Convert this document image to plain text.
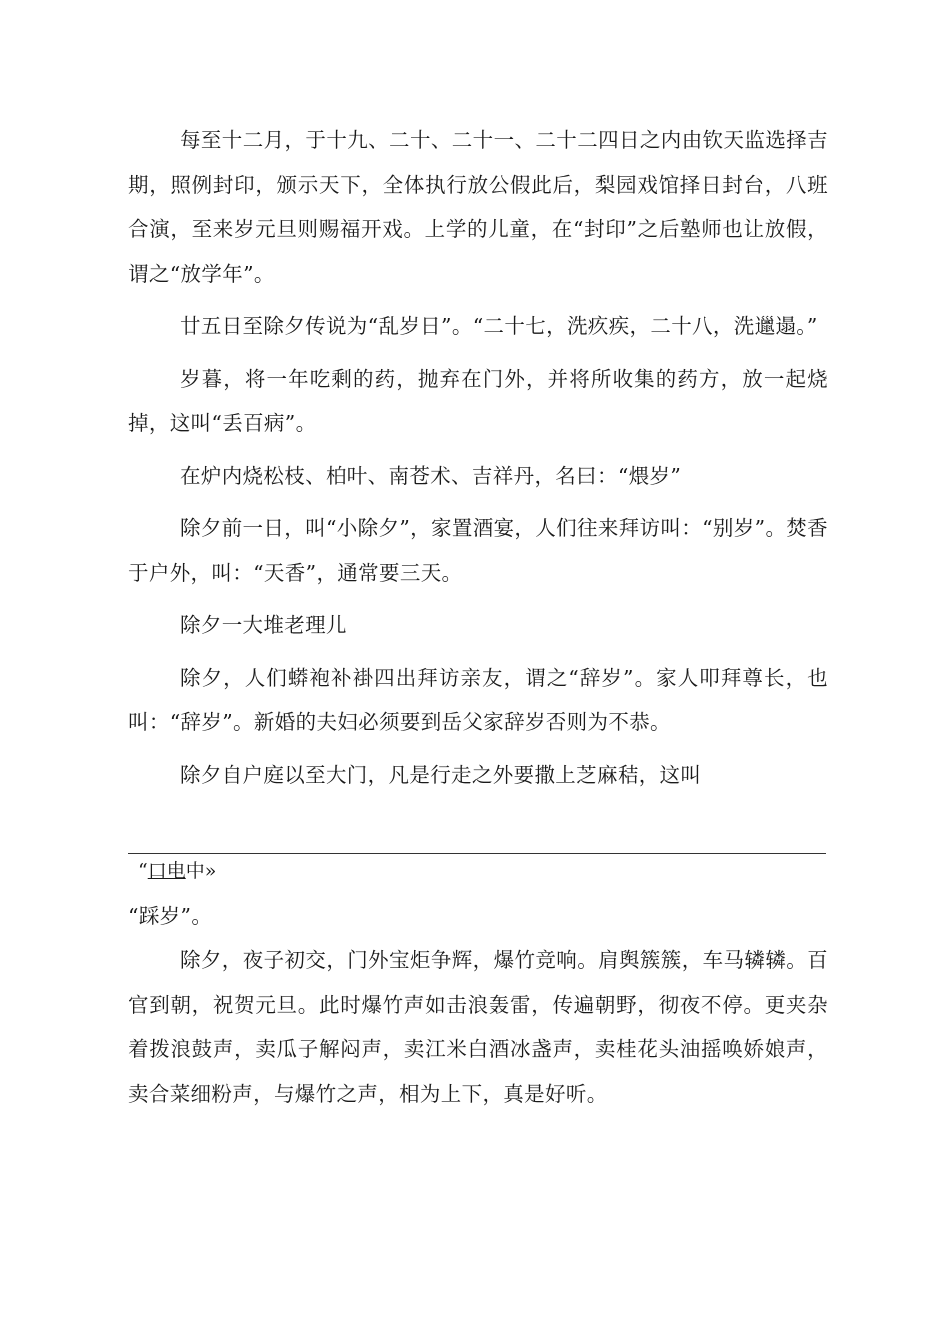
每至十二月，于十九、二十、二十一、二十二四日之内由钦天监选择吉期，照例封印，颁示天下，全体执行放公假此后，梨园戏馆择日封台，八班合演，至来岁元旦则赐福开戏。上学的儿童，在“封印”之后塾师也让放假，谓之“放学年”。

廿五日至除夕传说为“乱岁日”。“二十七，洗疚疾，二十八，洗邋遢。”

岁暮，将一年吃剩的药，抛弃在门外，并将所收集的药方，放一起烧掉，这叫“丢百病”。

在炉内烧松枝、柏叶、南苍术、吉祥丹，名曰：“煨岁”

除夕前一日，叫“小除夕”，家置酒宴，人们往来拜访叫：“别岁”。焚香于户外，叫：“天香”，通常要三天。

除夕一大堆老理儿

除夕，人们蟒袍补褂四出拜访亲友，谓之“辞岁”。家人叩拜尊长，也叫：“辞岁”。新婚的夫妇必须要到岳父家辞岁否则为不恭。

除夕自户庭以至大门，凡是行走之外要撒上芝麻秸，这叫

“口电中»

“踩岁”。

除夕，夜子初交，门外宝炬争辉，爆竹竞响。肩舆簇簇，车马辚辚。百官到朝，祝贺元旦。此时爆竹声如击浪轰雷，传遍朝野，彻夜不停。更夹杂着拨浪鼓声，卖瓜子解闷声，卖江米白酒冰盏声，卖桂花头油摇唤娇娘声，卖合菜细粉声，与爆竹之声，相为上下，真是好听。
